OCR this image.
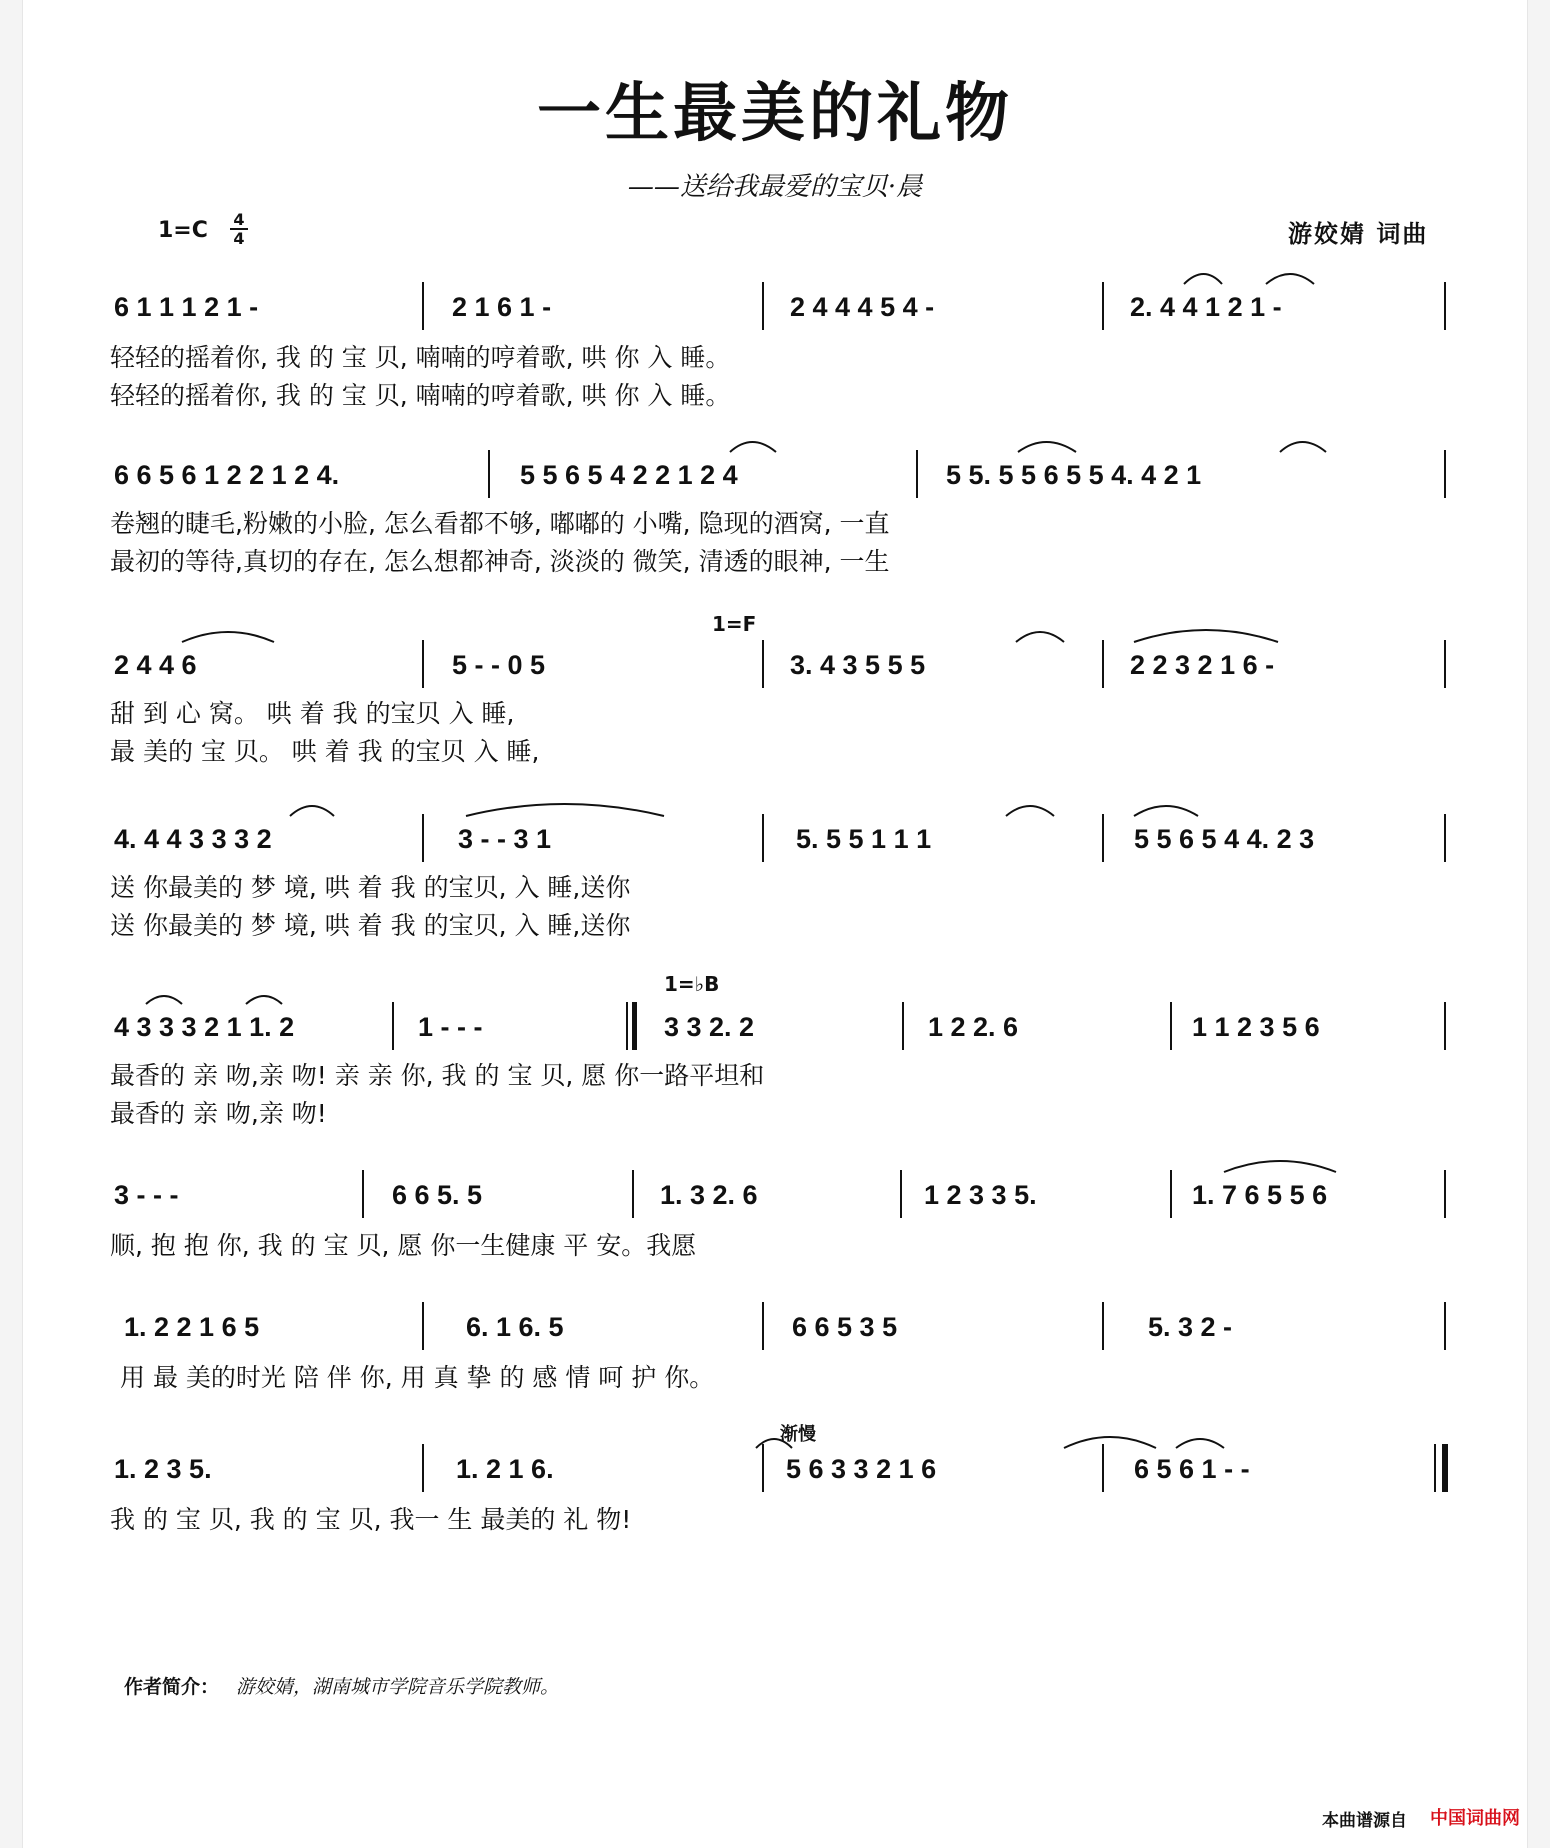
一生最美的礼物
——送给我最爱的宝贝·晨
1=C 4
4	游姣婧 词曲
6 1 1 1 2 1 -	2 1 6 1 -	2 4 4 4 5 4 -	2. 4 4 1 2 1 -
轻轻的摇着你, 我 的 宝 贝, 喃喃的哼着歌, 哄 你 入 睡。
轻轻的摇着你, 我 的 宝 贝, 喃喃的哼着歌, 哄 你 入 睡。
6 6 5 6 1 2 2 1 2 4.	5 5 6 5 4 2 2 1 2 4	5 5. 5 5 6 5 5 4. 4 2 1
卷翘的睫毛,粉嫩的小脸, 怎么看都不够, 嘟嘟的 小嘴, 隐现的酒窝, 一直
最初的等待,真切的存在, 怎么想都神奇, 淡淡的 微笑, 清透的眼神, 一生
1=F
2 4 4 6	5 - - 0 5	3. 4 3 5 5 5	2 2 3 2 1 6 -
甜 到 心 窝。 哄 着 我 的宝贝 入 睡,
最 美的 宝 贝。 哄 着 我 的宝贝 入 睡,
4. 4 4 3 3 3 2	3 - - 3 1	5. 5 5 1 1 1	5 5 6 5 4 4. 2 3
送 你最美的 梦 境, 哄 着 我 的宝贝, 入 睡,送你
送 你最美的 梦 境, 哄 着 我 的宝贝, 入 睡,送你
1=♭B
4 3 3 3 2 1 1. 2	1 - - -	3 3 2. 2	1 2 2. 6	1 1 2 3 5 6
最香的 亲 吻,亲 吻! 亲 亲 你, 我 的 宝 贝, 愿 你一路平坦和
最香的 亲 吻,亲 吻!
3 - - -	6 6 5. 5	1. 3 2. 6	1 2 3 3 5.	1. 7 6 5 5 6
顺, 抱 抱 你, 我 的 宝 贝, 愿 你一生健康 平 安。我愿
1. 2 2 1 6 5	6. 1 6. 5	6 6 5 3 5	5. 3 2 -
用 最 美的时光 陪 伴 你, 用 真 挚 的 感 情 呵 护 你。
渐慢
1. 2 3 5.	1. 2 1 6.	5 6 3 3 2 1 6	6 5 6 1 - -
我 的 宝 贝, 我 的 宝 贝, 我一 生 最美的 礼 物!
作者简介： 游姣婧，湖南城市学院音乐学院教师。
本曲谱源自 中国词曲网
